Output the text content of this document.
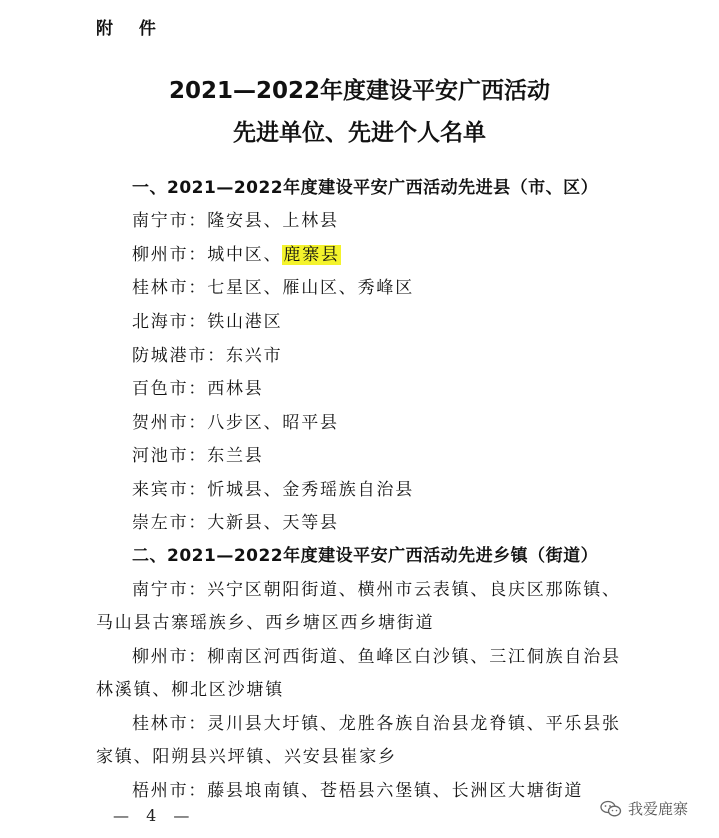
附 件
2021—2022年度建设平安广西活动
先进单位、先进个人名单
一、2021—2022年度建设平安广西活动先进县（市、区）
南宁市：隆安县、上林县
柳州市：城中区、鹿寨县
桂林市：七星区、雁山区、秀峰区
北海市：铁山港区
防城港市：东兴市
百色市：西林县
贺州市：八步区、昭平县
河池市：东兰县
来宾市：忻城县、金秀瑶族自治县
崇左市：大新县、天等县
二、2021—2022年度建设平安广西活动先进乡镇（街道）
南宁市：兴宁区朝阳街道、横州市云表镇、良庆区那陈镇、
马山县古寨瑶族乡、西乡塘区西乡塘街道
柳州市：柳南区河西街道、鱼峰区白沙镇、三江侗族自治县
林溪镇、柳北区沙塘镇
桂林市：灵川县大圩镇、龙胜各族自治县龙脊镇、平乐县张
家镇、阳朔县兴坪镇、兴安县崔家乡
梧州市：藤县埌南镇、苍梧县六堡镇、长洲区大塘街道
— 4 —	我爱鹿寨
